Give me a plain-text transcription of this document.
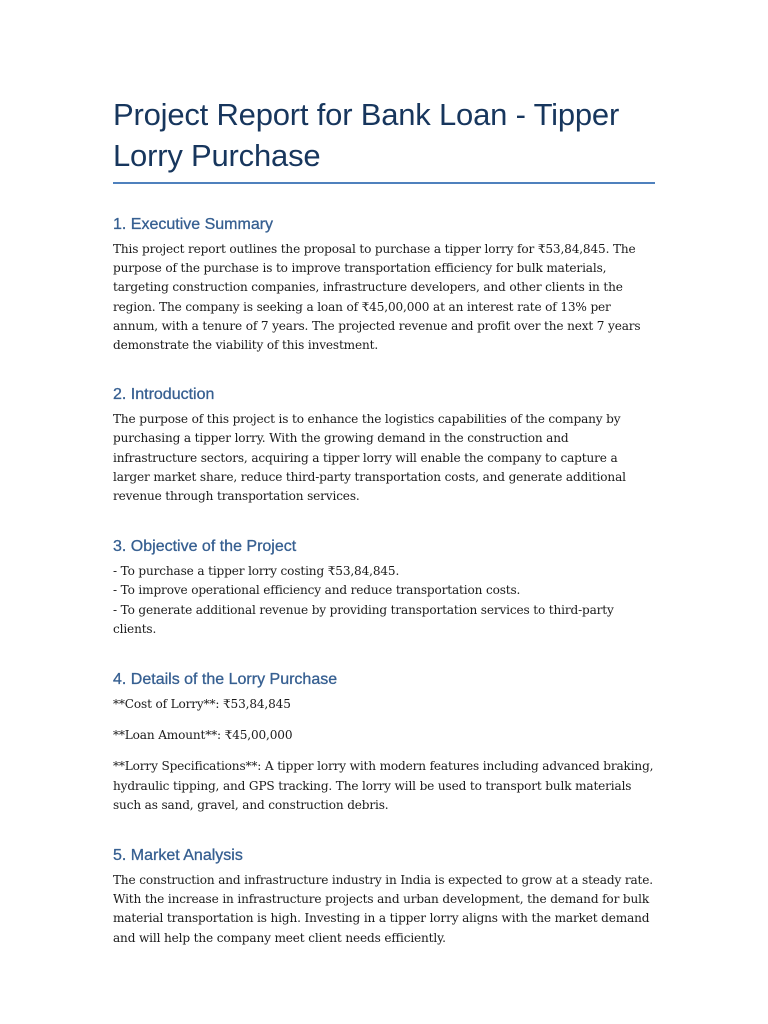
Project Report for Bank Loan - Tipper Lorry Purchase
1. Executive Summary

This project report outlines the proposal to purchase a tipper lorry for ₹53,84,845. The purpose of the purchase is to improve transportation efficiency for bulk materials, targeting construction companies, infrastructure developers, and other clients in the region. The company is seeking a loan of ₹45,00,000 at an interest rate of 13% per annum, with a tenure of 7 years. The projected revenue and profit over the next 7 years demonstrate the viability of this investment.

2. Introduction

The purpose of this project is to enhance the logistics capabilities of the company by purchasing a tipper lorry. With the growing demand in the construction and infrastructure sectors, acquiring a tipper lorry will enable the company to capture a larger market share, reduce third-party transportation costs, and generate additional revenue through transportation services.

3. Objective of the Project
- To purchase a tipper lorry costing ₹53,84,845.
- To improve operational efficiency and reduce transportation costs.
- To generate additional revenue by providing transportation services to third-party clients.
4. Details of the Lorry Purchase

**Cost of Lorry**: ₹53,84,845

**Loan Amount**: ₹45,00,000

**Lorry Specifications**: A tipper lorry with modern features including advanced braking, hydraulic tipping, and GPS tracking. The lorry will be used to transport bulk materials such as sand, gravel, and construction debris.

5. Market Analysis

The construction and infrastructure industry in India is expected to grow at a steady rate. With the increase in infrastructure projects and urban development, the demand for bulk material transportation is high. Investing in a tipper lorry aligns with the market demand and will help the company meet client needs efficiently.
